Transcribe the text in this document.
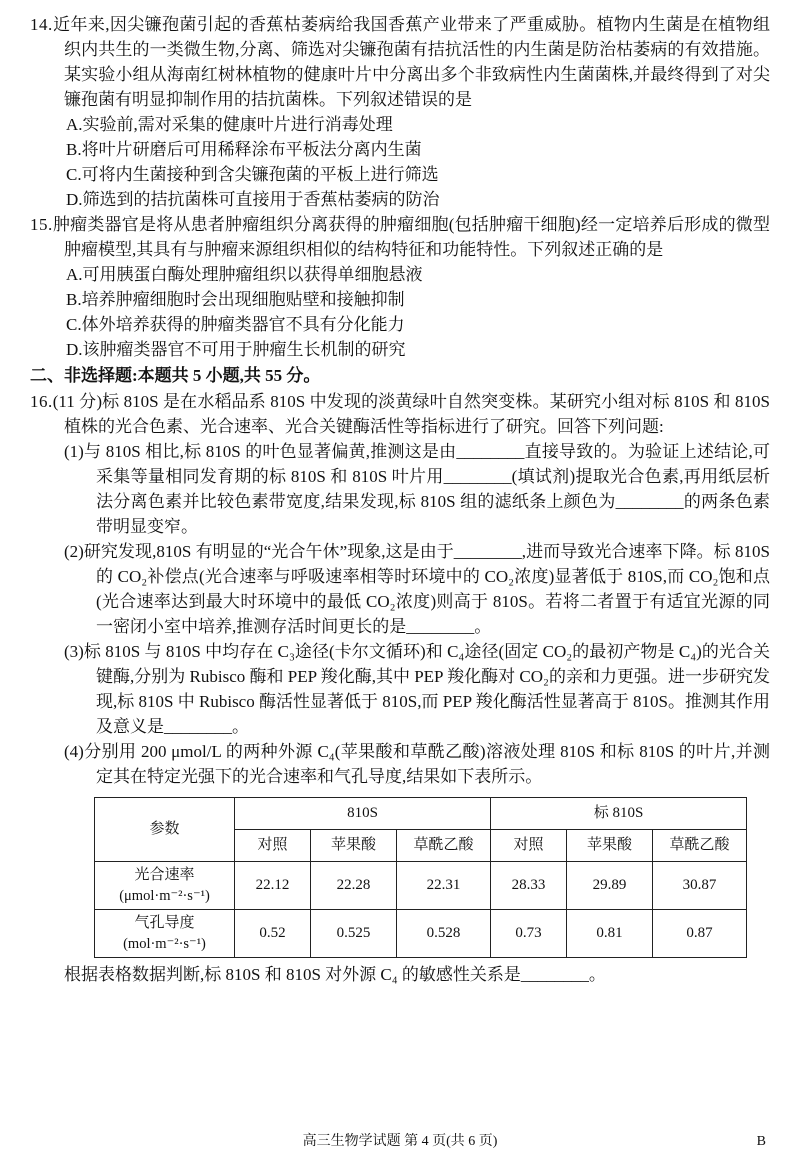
14.近年来,因尖镰孢菌引起的香蕉枯萎病给我国香蕉产业带来了严重威胁。植物内生菌是在植物组织内共生的一类微生物,分离、筛选对尖镰孢菌有拮抗活性的内生菌是防治枯萎病的有效措施。某实验小组从海南红树林植物的健康叶片中分离出多个非致病性内生菌菌株,并最终得到了对尖镰孢菌有明显抑制作用的拮抗菌株。下列叙述错误的是
A.实验前,需对采集的健康叶片进行消毒处理
B.将叶片研磨后可用稀释涂布平板法分离内生菌
C.可将内生菌接种到含尖镰孢菌的平板上进行筛选
D.筛选到的拮抗菌株可直接用于香蕉枯萎病的防治
15.肿瘤类器官是将从患者肿瘤组织分离获得的肿瘤细胞(包括肿瘤干细胞)经一定培养后形成的微型肿瘤模型,其具有与肿瘤来源组织相似的结构特征和功能特性。下列叙述正确的是
A.可用胰蛋白酶处理肿瘤组织以获得单细胞悬液
B.培养肿瘤细胞时会出现细胞贴壁和接触抑制
C.体外培养获得的肿瘤类器官不具有分化能力
D.该肿瘤类器官不可用于肿瘤生长机制的研究
二、非选择题:本题共 5 小题,共 55 分。
16.(11 分)标 810S 是在水稻品系 810S 中发现的淡黄绿叶自然突变株。某研究小组对标 810S 和 810S 植株的光合色素、光合速率、光合关键酶活性等指标进行了研究。回答下列问题:
(1)与 810S 相比,标 810S 的叶色显著偏黄,推测这是由________直接导致的。为验证上述结论,可采集等量相同发育期的标 810S 和 810S 叶片用________(填试剂)提取光合色素,再用纸层析法分离色素并比较色素带宽度,结果发现,标 810S 组的滤纸条上颜色为________的两条色素带明显变窄。
(2)研究发现,810S 有明显的“光合午休”现象,这是由于________,进而导致光合速率下降。标 810S 的 CO₂补偿点(光合速率与呼吸速率相等时环境中的 CO₂浓度)显著低于 810S,而 CO₂饱和点(光合速率达到最大时环境中的最低 CO₂浓度)则高于 810S。若将二者置于有适宜光源的同一密闭小室中培养,推测存活时间更长的是________。
(3)标 810S 与 810S 中均存在 C₃途径(卡尔文循环)和 C₄途径(固定 CO₂的最初产物是 C₄)的光合关键酶,分别为 Rubisco 酶和 PEP 羧化酶,其中 PEP 羧化酶对 CO₂的亲和力更强。进一步研究发现,标 810S 中 Rubisco 酶活性显著低于 810S,而 PEP 羧化酶活性显著高于 810S。推测其作用及意义是________。
(4)分别用 200 μmol/L 的两种外源 C₄(苹果酸和草酰乙酸)溶液处理 810S 和标 810S 的叶片,并测定其在特定光强下的光合速率和气孔导度,结果如下表所示。
参数	810S			标 810S		
	对照	苹果酸	草酰乙酸	对照	苹果酸	草酰乙酸

光合速率
(μmol·m⁻²·s⁻¹)	22.12	22.28	22.31	28.33	29.89	30.87

气孔导度
(mol·m⁻²·s⁻¹)	0.52	0.525	0.528	0.73	0.81	0.87
根据表格数据判断,标 810S 和 810S 对外源 C₄ 的敏感性关系是________。
高三生物学试题 第 4 页(共 6 页)	B
